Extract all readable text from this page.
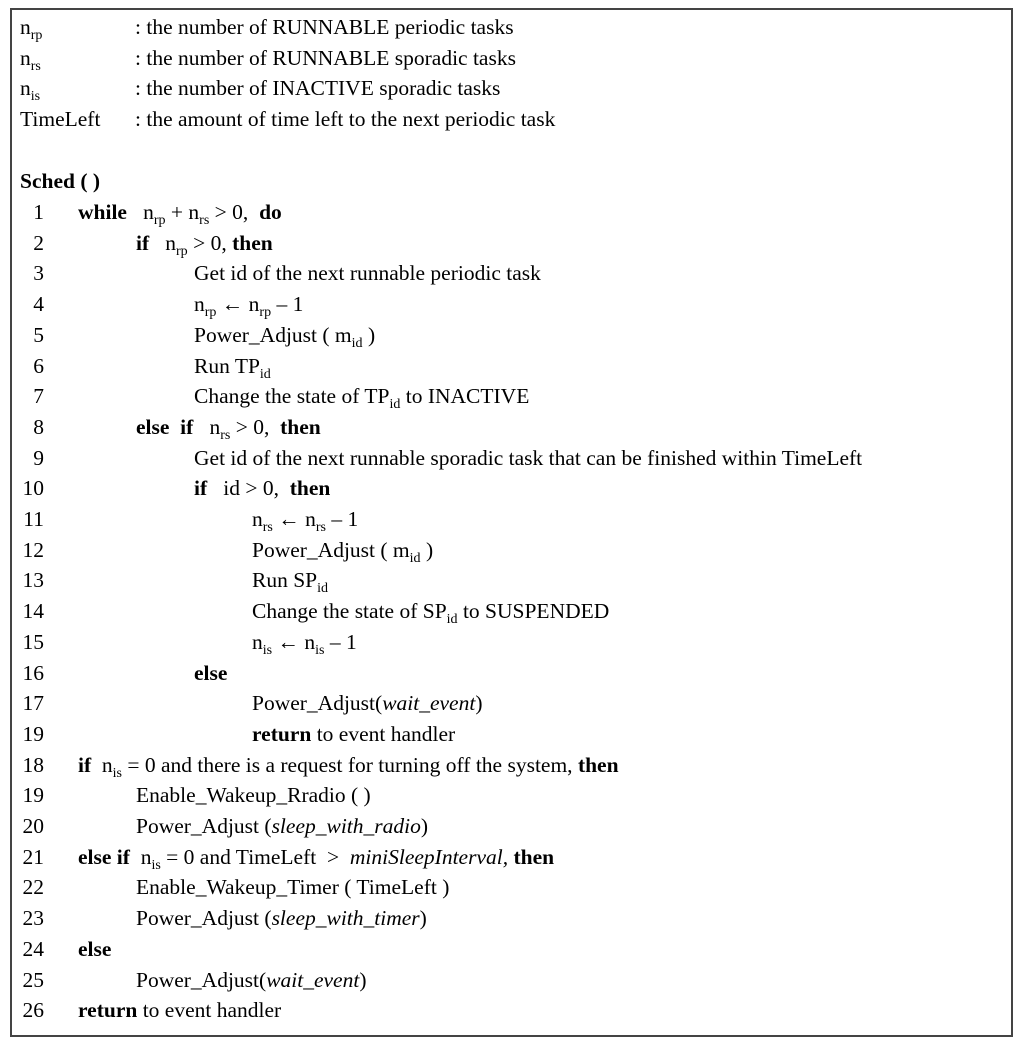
$n_{rp}$	: the number of RUNNABLE periodic tasks
$n_{rs}$	: the number of RUNNABLE sporadic tasks
$n_{is}$	: the number of INACTIVE sporadic tasks
TimeLeft : the amount of time left to the next periodic task
Sched ( )
1 while   $n_{rp} + n_{rs} > 0$,  do
2	if   $n_{rp} > 0$, then
3	Get id of the next runnable periodic task
4	$n_{rp}$ ← $n_{rp} - 1$
5	Power_Adjust ( $m_{id}$ )
6	Run $TP_{id}$
7	Change the state of $TP_{id}$ to INACTIVE
8	else  if   $n_{rs} > 0$,  then
9	Get id of the next runnable sporadic task that can be finished within TimeLeft
10	if   id > 0,  then
11	$n_{rs}$ ← $n_{rs} - 1$
12	Power_Adjust ( $m_{id}$ )
13	Run $SP_{id}$
14	Change the state of $SP_{id}$ to SUSPENDED
15	$n_{is}$ ← $n_{is} - 1$
16	else
17	Power_Adjust(wait_event)
19	return to event handler
18 if  $n_{is} = 0$ and there is a request for turning off the system, then
19	Enable_Wakeup_Rradio ( )
20	Power_Adjust (sleep_with_radio)
21 else if  $n_{is} = 0$ and TimeLeft  >  miniSleepInterval, then
22	Enable_Wakeup_Timer ( TimeLeft )
23	Power_Adjust (sleep_with_timer)
24 else
25	Power_Adjust(wait_event)
26 return to event handler
